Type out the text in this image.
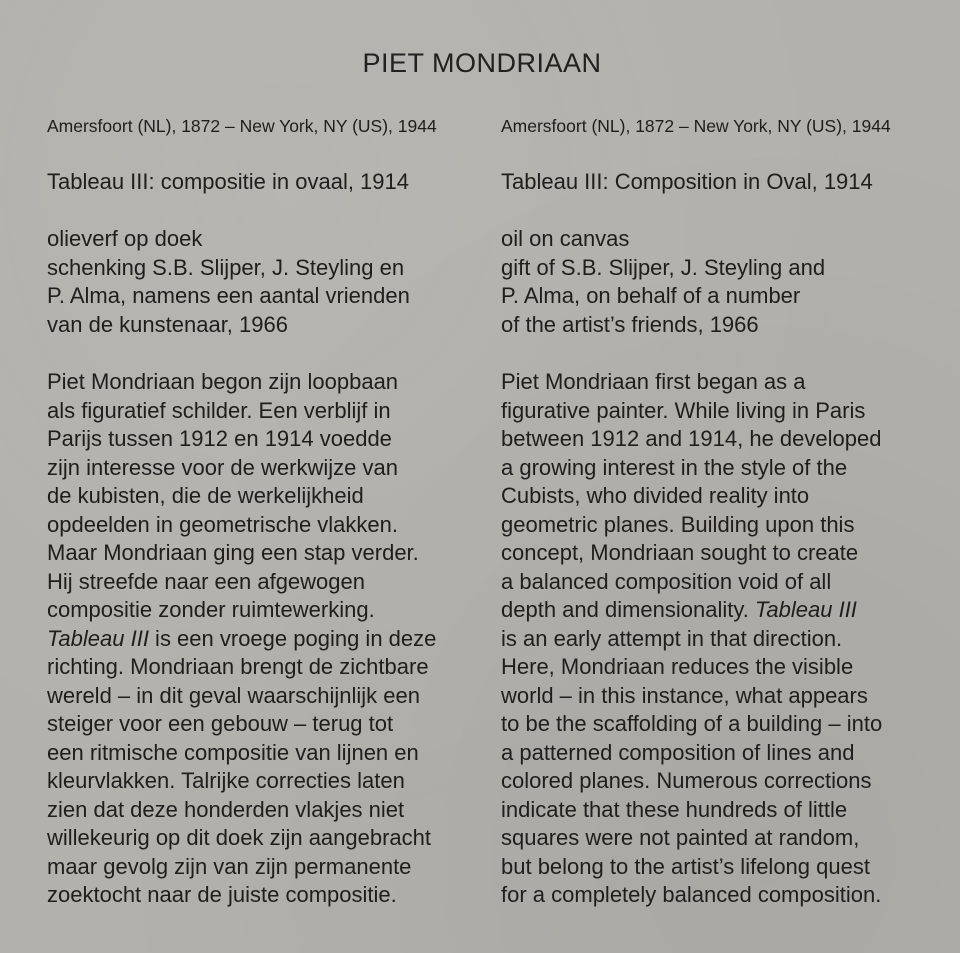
PIET MONDRIAAN

Amersfoort (NL), 1872 – New York, NY (US), 1944

Tableau III: compositie in ovaal, 1914

olieverf op doek
schenking S.B. Slijper, J. Steyling en
P. Alma, namens een aantal vrienden
van de kunstenaar, 1966

Piet Mondriaan begon zijn loopbaan
als figuratief schilder. Een verblijf in
Parijs tussen 1912 en 1914 voedde
zijn interesse voor de werkwijze van
de kubisten, die de werkelijkheid
opdeelden in geometrische vlakken.
Maar Mondriaan ging een stap verder.
Hij streefde naar een afgewogen
compositie zonder ruimtewerking.
Tableau III is een vroege poging in deze
richting. Mondriaan brengt de zichtbare
wereld – in dit geval waarschijnlijk een
steiger voor een gebouw – terug tot
een ritmische compositie van lijnen en
kleurvlakken. Talrijke correcties laten
zien dat deze honderden vlakjes niet
willekeurig op dit doek zijn aangebracht
maar gevolg zijn van zijn permanente
zoektocht naar de juiste compositie.

Amersfoort (NL), 1872 – New York, NY (US), 1944

Tableau III: Composition in Oval, 1914

oil on canvas
gift of S.B. Slijper, J. Steyling and
P. Alma, on behalf of a number
of the artist’s friends, 1966

Piet Mondriaan first began as a
figurative painter. While living in Paris
between 1912 and 1914, he developed
a growing interest in the style of the
Cubists, who divided reality into
geometric planes. Building upon this
concept, Mondriaan sought to create
a balanced composition void of all
depth and dimensionality. Tableau III
is an early attempt in that direction.
Here, Mondriaan reduces the visible
world – in this instance, what appears
to be the scaffolding of a building – into
a patterned composition of lines and
colored planes. Numerous corrections
indicate that these hundreds of little
squares were not painted at random,
but belong to the artist’s lifelong quest
for a completely balanced composition.
